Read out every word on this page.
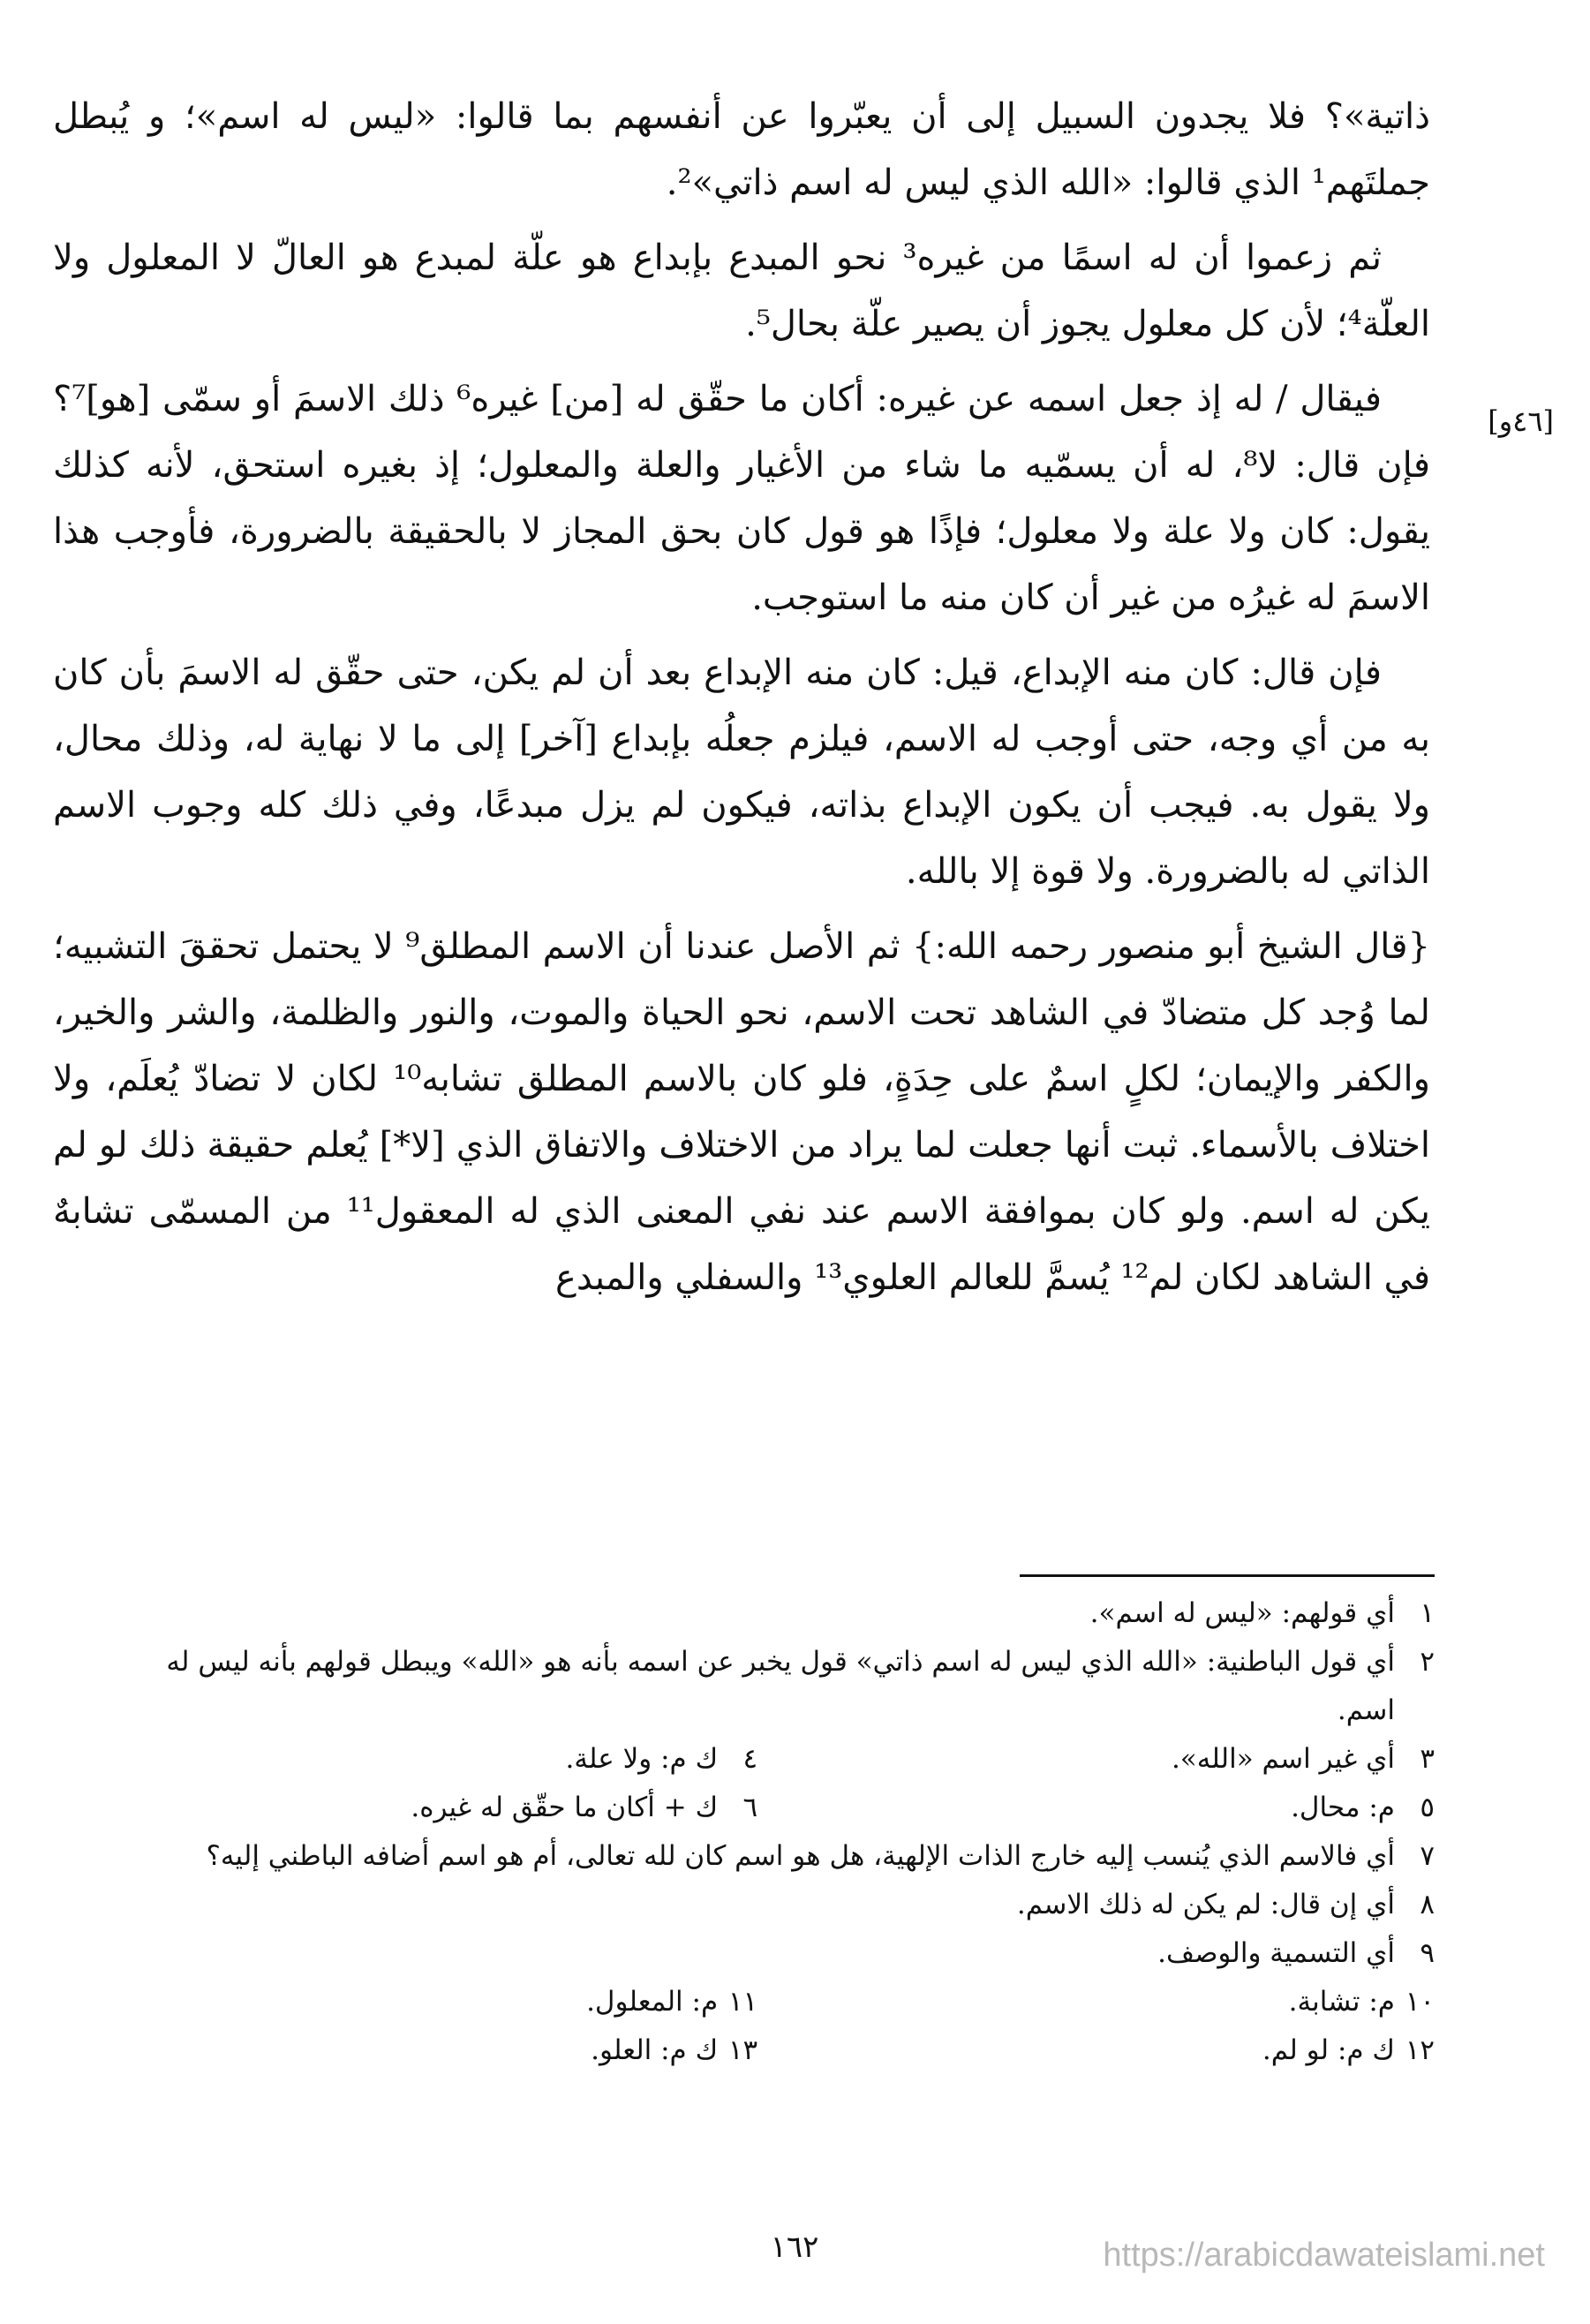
ذاتية»؟ فلا يجدون السبيل إلى أن يعبّروا عن أنفسهم بما قالوا: «ليس له اسم»؛ و يُبطل جملتَهم¹ الذي قالوا: «الله الذي ليس له اسم ذاتي»².

ثم زعموا أن له اسمًا من غيره³ نحو المبدع بإبداع هو علّة لمبدع هو العالّ لا المعلول ولا العلّة⁴؛ لأن كل معلول يجوز أن يصير علّة بحال⁵.

فيقال / له إذ جعل اسمه عن غيره: أكان ما حقّق له [من] غيره⁶ ذلك الاسمَ أو سمّى [هو]⁷؟ فإن قال: لا⁸، له أن يسمّيه ما شاء من الأغيار والعلة والمعلول؛ إذ بغيره استحق، لأنه كذلك يقول: كان ولا علة ولا معلول؛ فإذًا هو قول كان بحق المجاز لا بالحقيقة بالضرورة، فأوجب هذا الاسمَ له غيرُه من غير أن كان منه ما استوجب.

فإن قال: كان منه الإبداع، قيل: كان منه الإبداع بعد أن لم يكن، حتى حقّق له الاسمَ بأن كان به من أي وجه، حتى أوجب له الاسم، فيلزم جعلُه بإبداع [آخر] إلى ما لا نهاية له، وذلك محال، ولا يقول به. فيجب أن يكون الإبداع بذاته، فيكون لم يزل مبدعًا، وفي ذلك كله وجوب الاسم الذاتي له بالضرورة. ولا قوة إلا بالله.

{قال الشيخ أبو منصور رحمه الله:} ثم الأصل عندنا أن الاسم المطلق⁹ لا يحتمل تحققَ التشبيه؛ لما وُجد كل متضادّ في الشاهد تحت الاسم، نحو الحياة والموت، والنور والظلمة، والشر والخير، والكفر والإيمان؛ لكلٍ اسمٌ على حِدَةٍ، فلو كان بالاسم المطلق تشابه¹⁰ لكان لا تضادّ يُعلَم، ولا اختلاف بالأسماء. ثبت أنها جعلت لما يراد من الاختلاف والاتفاق الذي [لا*] يُعلم حقيقة ذلك لو لم يكن له اسم. ولو كان بموافقة الاسم عند نفي المعنى الذي له المعقول¹¹ من المسمّى تشابهٌ في الشاهد لكان لم¹² يُسمَّ للعالم العلوي¹³ والسفلي والمبدع

[٤٦و]
١
أي قولهم: «ليس له اسم».
٢
أي قول الباطنية: «الله الذي ليس له اسم ذاتي» قول يخبر عن اسمه بأنه هو «الله» ويبطل قولهم بأنه ليس له
اسم.
٣
أي غير اسم «الله».
٤
ك م: ولا علة.
٥
م: محال.
٦
ك + أكان ما حقّق له غيره.
٧
أي فالاسم الذي يُنسب إليه خارج الذات الإلهية، هل هو اسم كان لله تعالى، أم هو اسم أضافه الباطني إليه؟
٨
أي إن قال: لم يكن له ذلك الاسم.
٩
أي التسمية والوصف.
١٠
م: تشابة.
١١
م: المعلول.
١٢
ك م: لو لم.
١٣
ك م: العلو.
١٦٢	https://arabicdawateislami.net
